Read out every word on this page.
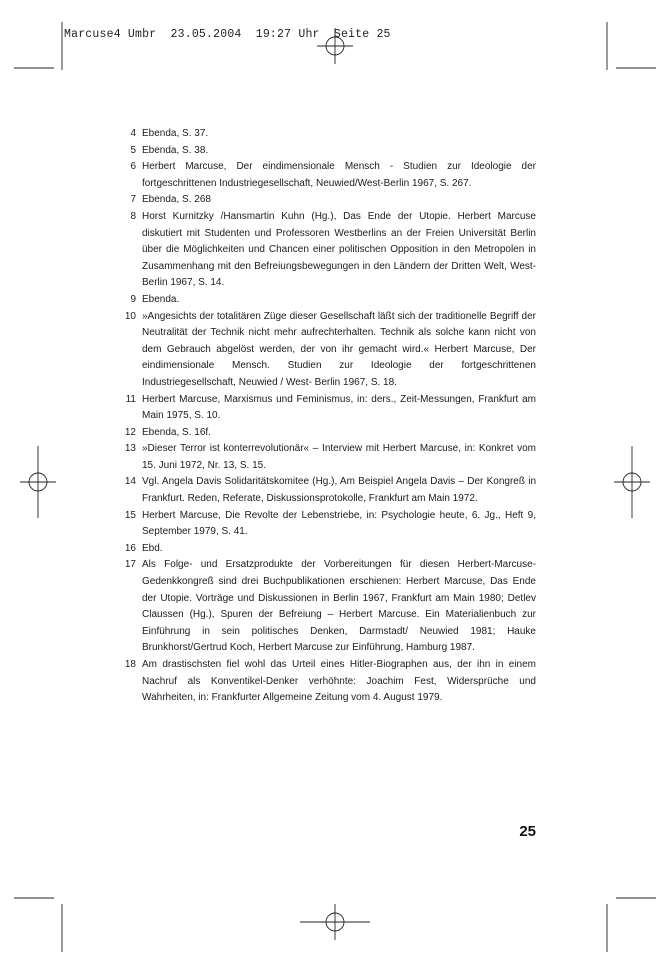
Marcuse4 Umbr  23.05.2004  19:27 Uhr  Seite 25
4 Ebenda, S. 37.
5 Ebenda, S. 38.
6 Herbert Marcuse, Der eindimensionale Mensch - Studien zur Ideologie der fortgeschrittenen Industriegesellschaft, Neuwied/West-Berlin 1967, S. 267.
7 Ebenda, S. 268
8 Horst Kurnitzky /Hansmartin Kuhn (Hg.), Das Ende der Utopie. Herbert Marcuse diskutiert mit Studenten und Professoren Westberlins an der Freien Universität Berlin über die Möglichkeiten und Chancen einer politischen Opposition in den Metropolen in Zusammenhang mit den Befreiungsbewegungen in den Ländern der Dritten Welt, West-Berlin 1967, S. 14.
9 Ebenda.
10 »Angesichts der totalitären Züge dieser Gesellschaft läßt sich der traditionelle Begriff der Neutralität der Technik nicht mehr aufrechterhalten. Technik als solche kann nicht von dem Gebrauch abgelöst werden, der von ihr gemacht wird.« Herbert Marcuse, Der eindimensionale Mensch. Studien zur Ideologie der fortgeschrittenen Industriegesellschaft, Neuwied / West- Berlin 1967, S. 18.
11 Herbert Marcuse, Marxismus und Feminismus, in: ders., Zeit-Messungen, Frankfurt am Main 1975, S. 10.
12 Ebenda, S. 16f.
13 »Dieser Terror ist konterrevolutionär« – Interview mit Herbert Marcuse, in: Konkret vom 15. Juni 1972, Nr. 13, S. 15.
14 Vgl. Angela Davis Solidaritätskomitee (Hg.), Am Beispiel Angela Davis – Der Kongreß in Frankfurt. Reden, Referate, Diskussionsprotokolle, Frankfurt am Main 1972.
15 Herbert Marcuse, Die Revolte der Lebenstriebe, in: Psychologie heute, 6. Jg., Heft 9, September 1979, S. 41.
16 Ebd.
17 Als Folge- und Ersatzprodukte der Vorbereitungen für diesen Herbert-Marcuse-Gedenkkongreß sind drei Buchpublikationen erschienen: Herbert Marcuse, Das Ende der Utopie. Vorträge und Diskussionen in Berlin 1967, Frankfurt am Main 1980; Detlev Claussen (Hg.), Spuren der Befreiung – Herbert Marcuse. Ein Materialienbuch zur Einführung in sein politisches Denken, Darmstadt/ Neuwied 1981; Hauke Brunkhorst/Gertrud Koch, Herbert Marcuse zur Einführung, Hamburg 1987.
18 Am drastischsten fiel wohl das Urteil eines Hitler-Biographen aus, der ihn in einem Nachruf als Konventikel-Denker verhöhnte: Joachim Fest, Widersprüche und Wahrheiten, in: Frankfurter Allgemeine Zeitung vom 4. August 1979.
25
